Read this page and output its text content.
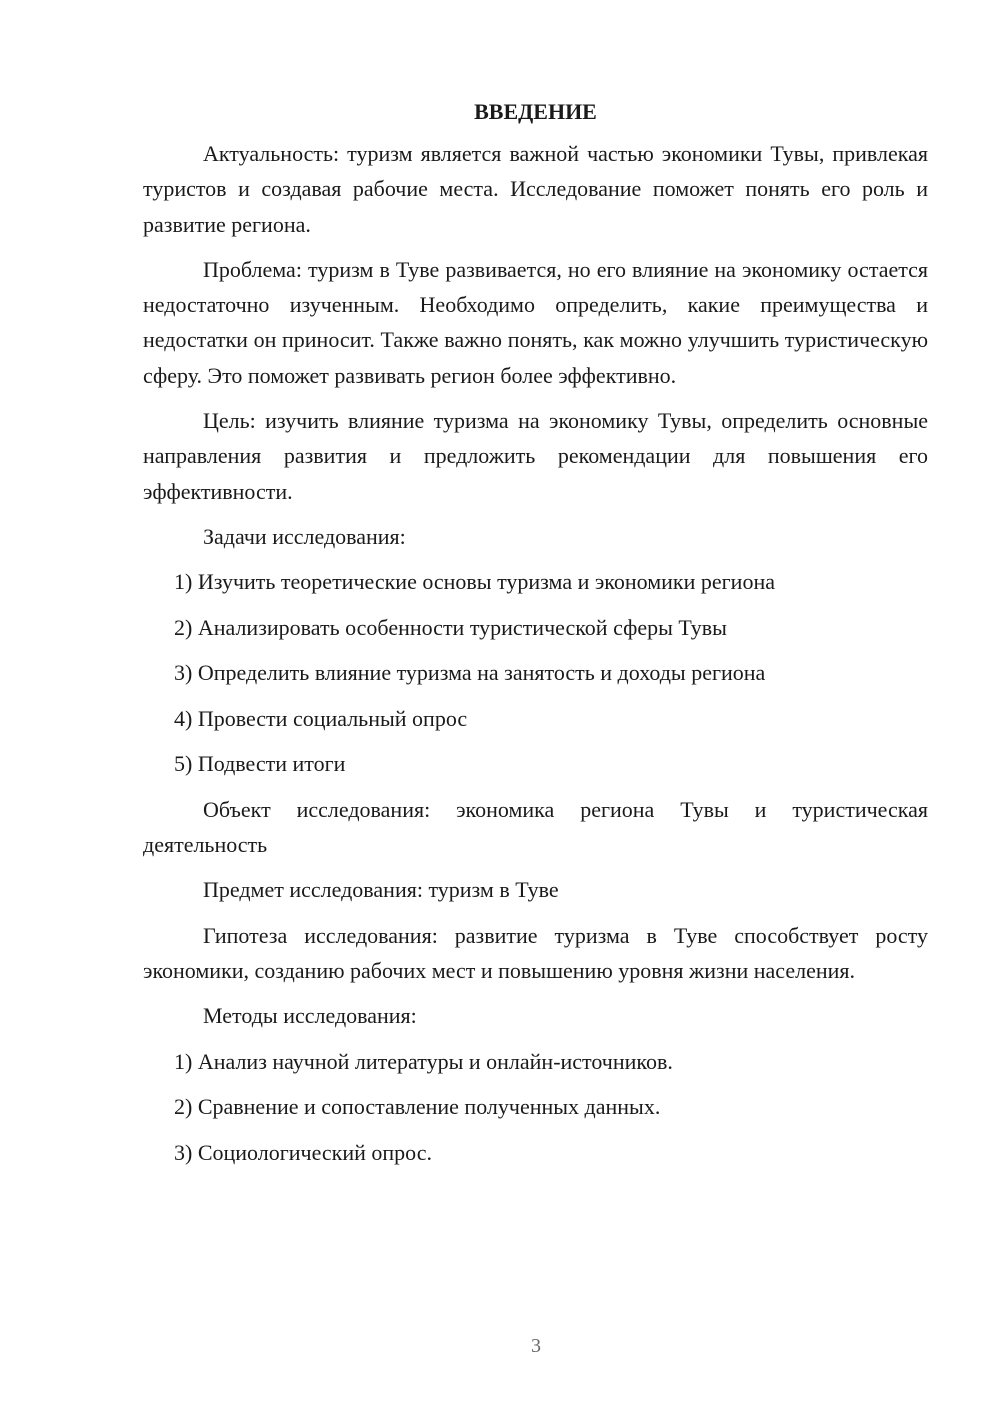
ВВЕДЕНИЕ

Актуальность: туризм является важной частью экономики Тувы, привлекая туристов и создавая рабочие места. Исследование поможет понять его роль и развитие региона.

Проблема: туризм в Туве развивается, но его влияние на экономику остается недостаточно изученным. Необходимо определить, какие преимущества и недостатки он приносит. Также важно понять, как можно улучшить туристическую сферу. Это поможет развивать регион более эффективно.

Цель: изучить влияние туризма на экономику Тувы, определить основные направления развития и предложить рекомендации для повышения его эффективности.

Задачи исследования:

1) Изучить теоретические основы туризма и экономики региона
2) Анализировать особенности туристической сферы Тувы
3) Определить влияние туризма на занятость и доходы региона
4) Провести социальный опрос
5) Подвести итоги

Объект исследования: экономика региона Тувы и туристическая деятельность

Предмет исследования: туризм в Туве

Гипотеза исследования: развитие туризма в Туве способствует росту экономики, созданию рабочих мест и повышению уровня жизни населения.

Методы исследования:

1) Анализ научной литературы и онлайн-источников.
2) Сравнение и сопоставление полученных данных.
3) Социологический опрос.
3
